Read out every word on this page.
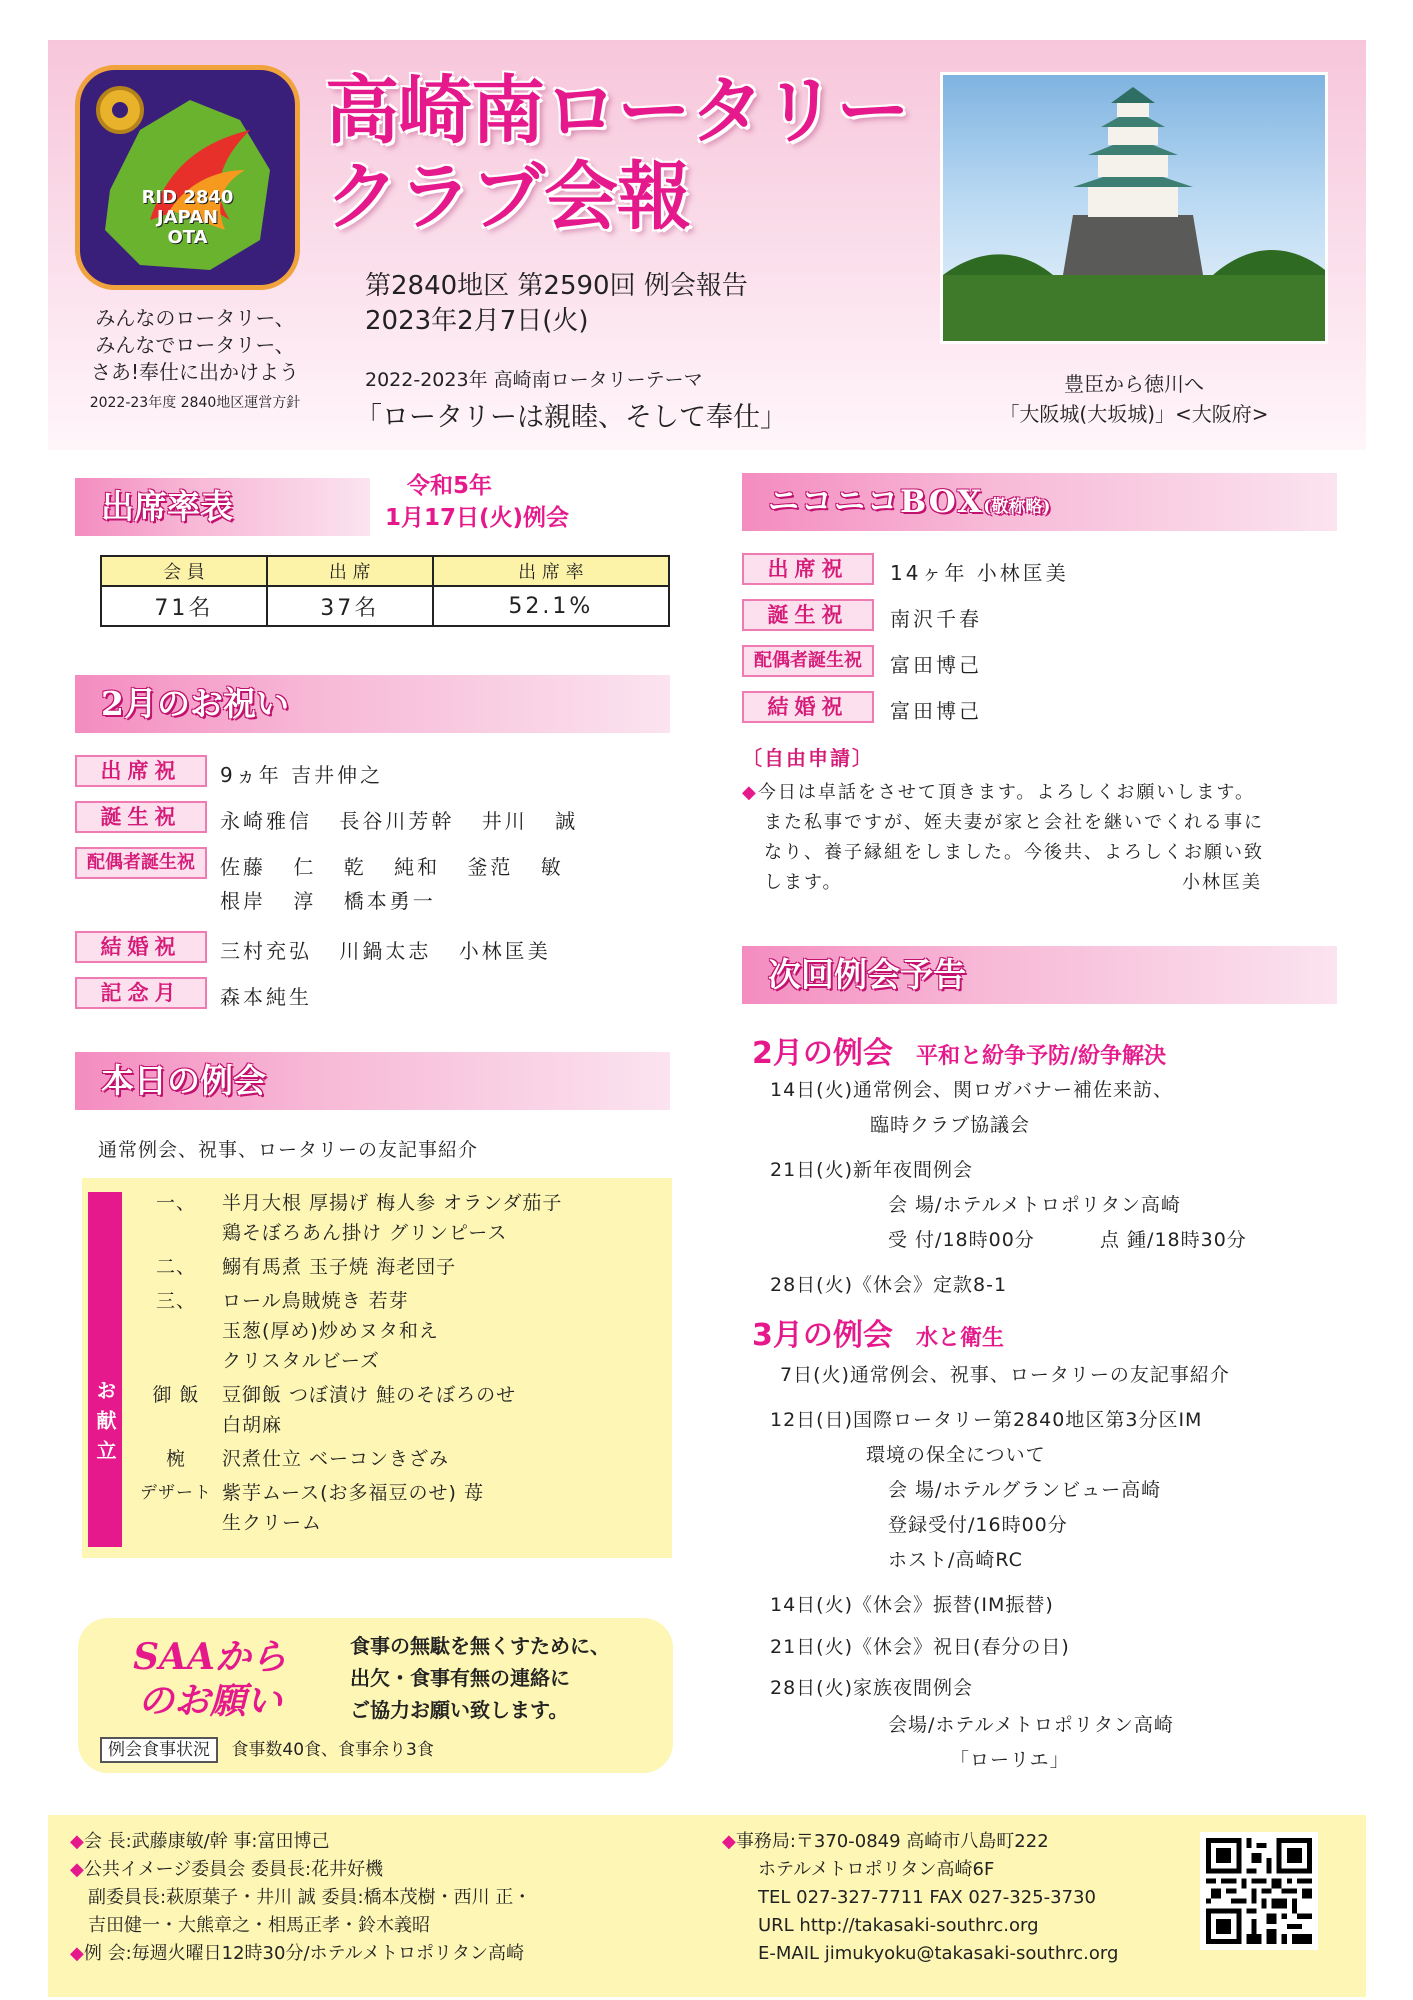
RID 2840
JAPAN
OTA
高崎南ロータリー
クラブ会報
第2840地区 第2590回 例会報告
2023年2月7日(火)
みんなのロータリー、
みんなでロータリー、
さあ!奉仕に出かけよう
2022-23年度 2840地区運営方針
2022-2023年 高崎南ロータリーテーマ
「ロータリーは親睦、そして奉仕」
豊臣から徳川へ
「大阪城(大坂城)」<大阪府>
出席率表
令和5年
1月17日(火)例会
会 員	出 席	出 席 率
71名	37名	52.1%
2月のお祝い
出席祝 9ヵ年 吉井伸之
誕生祝 永崎雅信 長谷川芳幹 井川 誠
配偶者誕生祝 佐藤 仁 乾 純和 釜范 敏
根岸 淳 橋本勇一
結婚祝 三村充弘 川鍋太志 小林匡美
記念月 森本純生
本日の例会
通常例会、祝事、ロータリーの友記事紹介
お献立
一、	半月大根 厚揚げ 梅人参 オランダ茄子
鶏そぼろあん掛け グリンピース
二、	鰯有馬煮 玉子焼 海老団子
三、	ロール鳥賊焼き 若芽
玉葱(厚め)炒めヌタ和え
クリスタルビーズ
御 飯	豆御飯 つぼ漬け 鮭のそぼろのせ
白胡麻
椀	沢煮仕立 ベーコンきざみ
デザート 紫芋ムース(お多福豆のせ) 苺
生クリーム
SAAから
のお願い
食事の無駄を無くすために、
出欠・食事有無の連絡に
ご協力お願い致します。
例会食事状況 食事数40食、食事余り3食
ニコニコBOX(敬称略)
出席祝 14ヶ年 小林匡美
誕生祝 南沢千春
配偶者誕生祝 富田博己
結婚祝 富田博己
〔自由申請〕
◆今日は卓話をさせて頂きます。よろしくお願いします。
また私事ですが、姪夫妻が家と会社を継いでくれる事に
なり、養子縁組をしました。今後共、よろしくお願い致
します。	小林匡美
次回例会予告
2月の例会 平和と紛争予防/紛争解決
14日(火)通常例会、関ロガバナー補佐来訪、
臨時クラブ協議会
21日(火)新年夜間例会
会 場/ホテルメトロポリタン高崎
受 付/18時00分	点 鍾/18時30分
28日(火)《休会》定款8-1
3月の例会 水と衛生
7日(火)通常例会、祝事、ロータリーの友記事紹介
12日(日)国際ロータリー第2840地区第3分区IM
環境の保全について
会 場/ホテルグランビュー高崎
登録受付/16時00分
ホスト/高崎RC
14日(火)《休会》振替(IM振替)
21日(火)《休会》祝日(春分の日)
28日(火)家族夜間例会
会場/ホテルメトロポリタン高崎
「ローリエ」
◆会 長:武藤康敏/幹 事:富田博己
◆公共イメージ委員会 委員長:花井好機
副委員長:萩原葉子・井川 誠 委員:橋本茂樹・西川 正・
吉田健一・大熊章之・相馬正孝・鈴木義昭
◆例 会:毎週火曜日12時30分/ホテルメトロポリタン高崎
◆事務局:〒370-0849 高崎市八島町222
ホテルメトロポリタン高崎6F
TEL 027-327-7711 FAX 027-325-3730
URL http://takasaki-southrc.org
E-MAIL jimukyoku@takasaki-southrc.org
